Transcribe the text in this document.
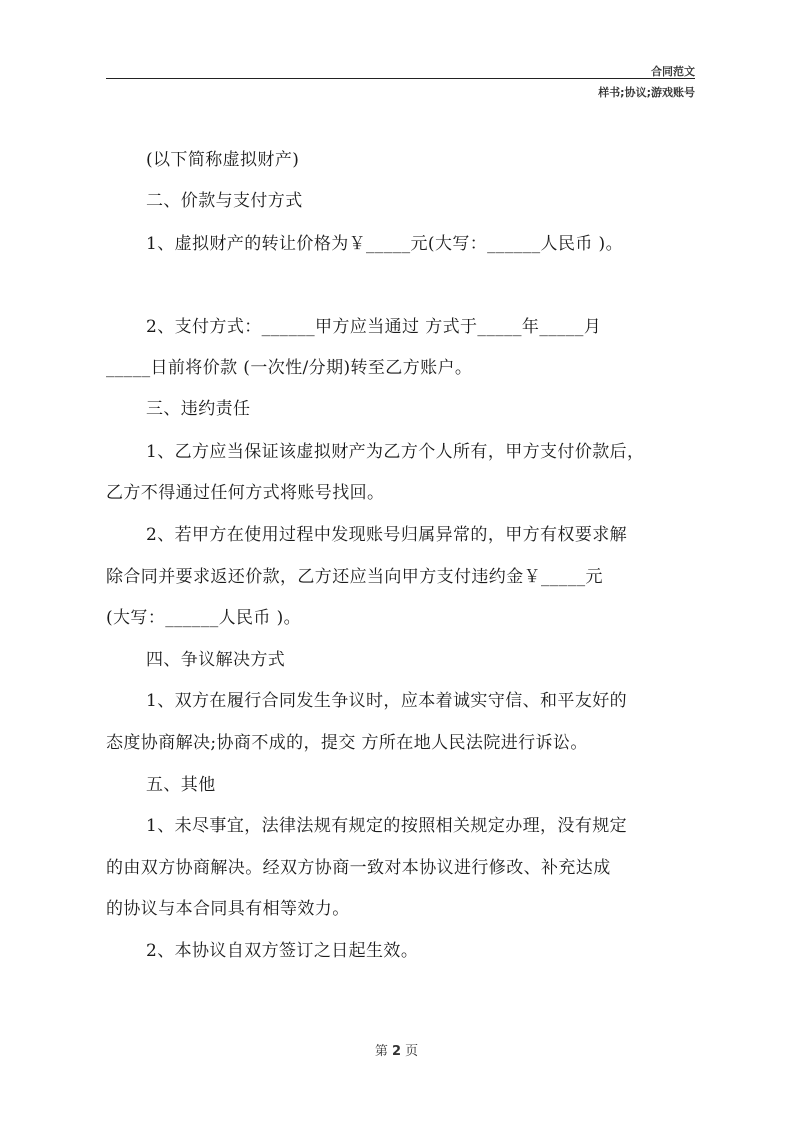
合同范文
样书;协议;游戏账号
(以下简称虚拟财产)
二、价款与支付方式
1、虚拟财产的转让价格为￥_____元(大写：______人民币 )。
2、支付方式：______甲方应当通过 方式于_____年_____月
_____日前将价款 (一次性/分期)转至乙方账户。
三、违约责任
1、乙方应当保证该虚拟财产为乙方个人所有，甲方支付价款后，
乙方不得通过任何方式将账号找回。
2、若甲方在使用过程中发现账号归属异常的，甲方有权要求解
除合同并要求返还价款，乙方还应当向甲方支付违约金￥_____元
(大写：______人民币 )。
四、争议解决方式
1、双方在履行合同发生争议时，应本着诚实守信、和平友好的
态度协商解决;协商不成的，提交 方所在地人民法院进行诉讼。
五、其他
1、未尽事宜，法律法规有规定的按照相关规定办理，没有规定
的由双方协商解决。经双方协商一致对本协议进行修改、补充达成
的协议与本合同具有相等效力。
2、本协议自双方签订之日起生效。
第 2 页
